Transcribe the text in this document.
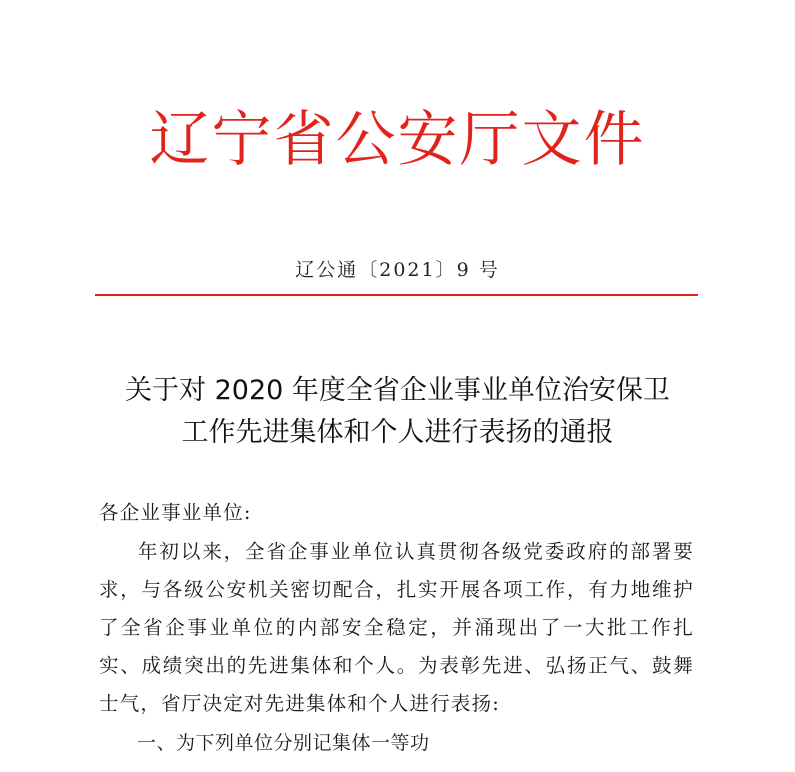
辽宁省公安厅文件
辽公通〔2021〕9 号
关于对 2020 年度全省企业事业单位治安保卫
工作先进集体和个人进行表扬的通报
各企业事业单位:
年初以来，全省企事业单位认真贯彻各级党委政府的部署要求，与各级公安机关密切配合，扎实开展各项工作，有力地维护了全省企事业单位的内部安全稳定，并涌现出了一大批工作扎实、成绩突出的先进集体和个人。为表彰先进、弘扬正气、鼓舞士气，省厅决定对先进集体和个人进行表扬:
一、为下列单位分别记集体一等功
